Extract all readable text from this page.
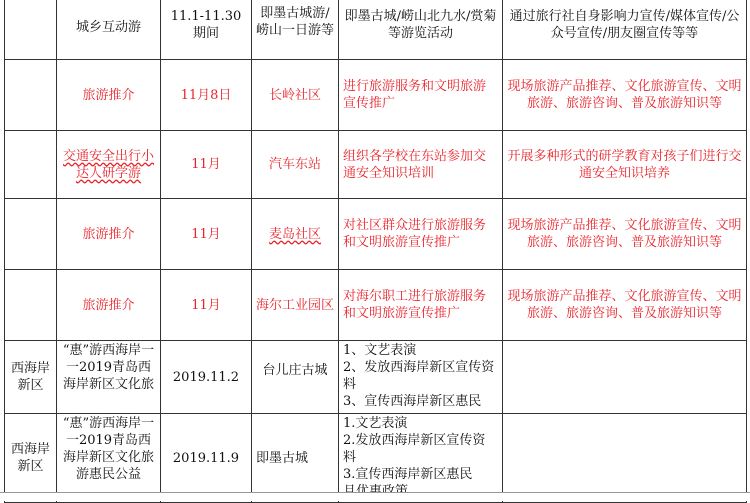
	城乡互动游	11.1-11.30期间	即墨古城游/崂山一日游等	即墨古城/崂山北九水/赏菊等游览活动	通过旅行社自身影响力宣传/媒体宣传/公众号宣传/朋友圈宣传等等

	旅游推介	11月8日	长岭社区	进行旅游服务和文明旅游宣传推广	现场旅游产品推荐、文化旅游宣传、文明旅游、旅游咨询、普及旅游知识等
	交通安全出行小达人研学游	11月	汽车东站	组织各学校在东站参加交通安全知识培训	开展多种形式的研学教育对孩子们进行交通安全知识培养
	旅游推介	11月	麦岛社区	对社区群众进行旅游服务和文明旅游宣传推广	现场旅游产品推荐、文化旅游宣传、文明旅游、旅游咨询、普及旅游知识等
	旅游推介	11月	海尔工业园区	对海尔职工进行旅游服务和文明旅游宣传推广	现场旅游产品推荐、文化旅游宣传、文明旅游、旅游咨询、普及旅游知识等
西海岸新区	“惠”游西海岸一一2019青岛西海岸新区文化旅	2019.11.2	台儿庄古城	1、文艺表演
2、发放西海岸新区宣传资料
3、宣传西海岸新区惠民	

西海岸新区	“惠”游西海岸一一2019青岛西海岸新区文化旅游惠民公益	2019.11.9	即墨古城	1.文艺表演
2.发放西海岸新区宣传资料
3.宣传西海岸新区惠民	
